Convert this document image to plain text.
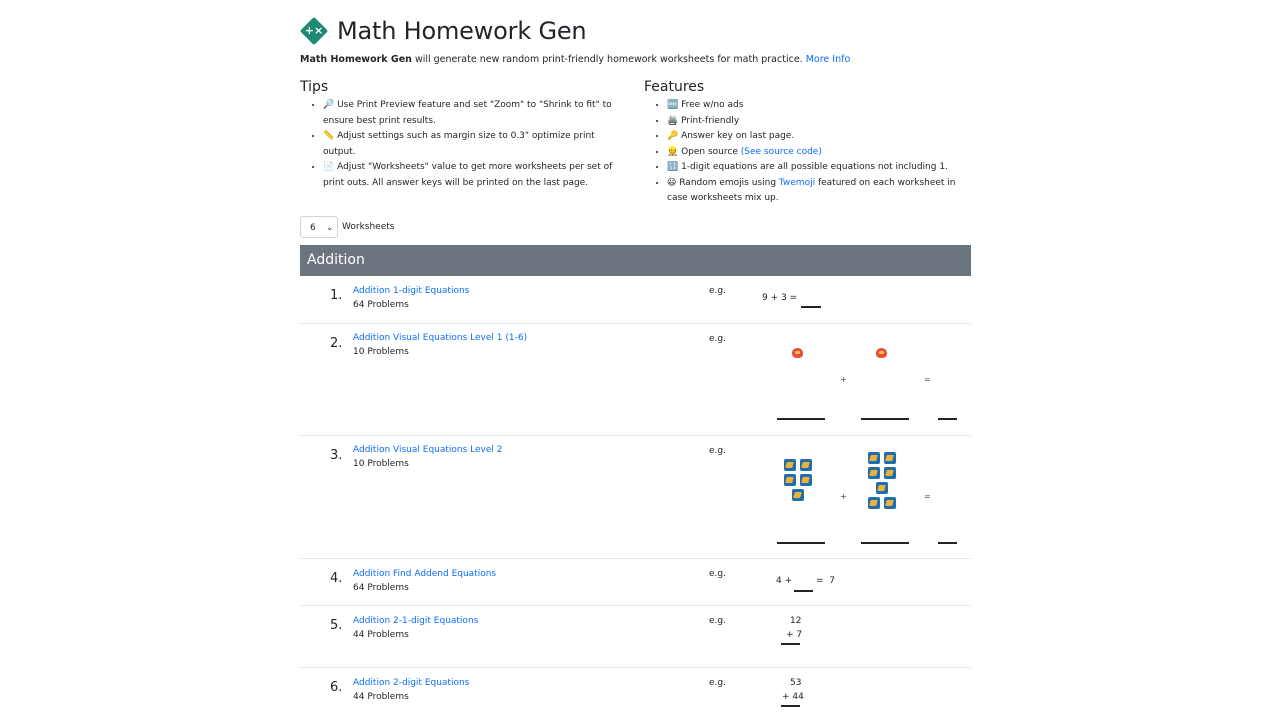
+× Math Homework Gen
Math Homework Gen will generate new random print-friendly homework worksheets for math practice. More Info
Tips
• 🔎 Use Print Preview feature and set "Zoom" to "Shrink to fit" to ensure best print results.
• 📏 Adjust settings such as margin size to 0.3" optimize print output.
• 📄 Adjust "Worksheets" value to get more worksheets per set of print outs. All answer keys will be printed on the last page.
Features
• 🆓 Free w/no ads
• 🖨️ Print-friendly
• 🔑 Answer key on last page.
• 👷 Open source (See source code)
• 🔢 1-digit equations are all possible equations not including 1.
• 😃 Random emojis using Twemoji featured on each worksheet in case worksheets mix up.
6 ⌄ Worksheets
Addition
1. Addition 1-digit Equations
64 Problems
e.g.
9 + 3 =
2. Addition Visual Equations Level 1 (1-6)
10 Problems
e.g.
+	=
3. Addition Visual Equations Level 2
10 Problems
e.g.
+	=
4. Addition Find Addend Equations
64 Problems
e.g.
4 +	=  7
5. Addition 2-1-digit Equations
44 Problems
e.g.	12
+ 7
6. Addition 2-digit Equations
44 Problems
e.g.	53
+ 44
